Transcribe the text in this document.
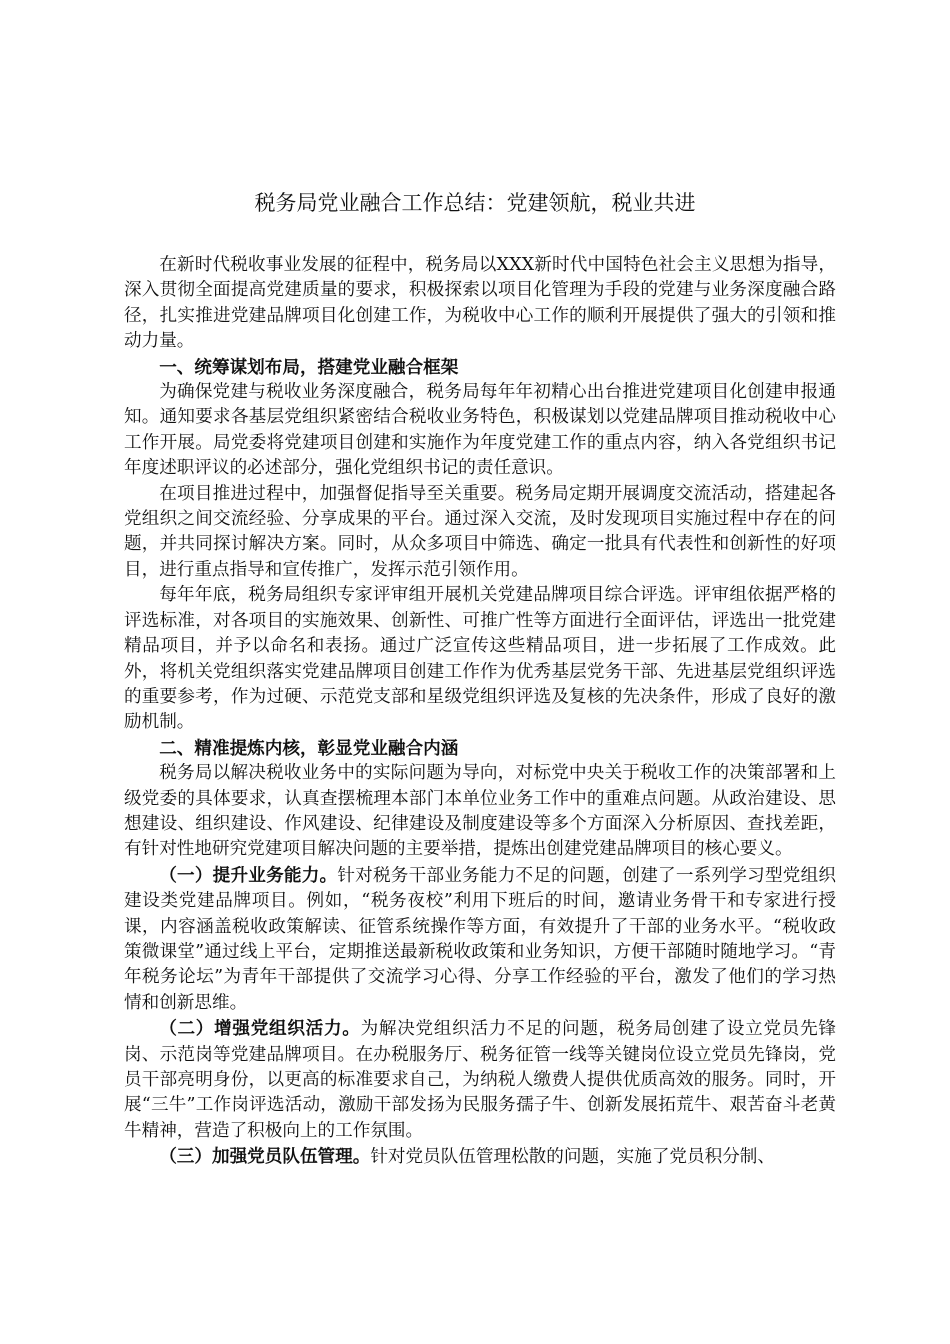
税务局党业融合工作总结：党建领航，税业共进

在新时代税收事业发展的征程中，税务局以XXX新时代中国特色社会主义思想为指导，深入贯彻全面提高党建质量的要求，积极探索以项目化管理为手段的党建与业务深度融合路径，扎实推进党建品牌项目化创建工作，为税收中心工作的顺利开展提供了强大的引领和推动力量。

一、统筹谋划布局，搭建党业融合框架

为确保党建与税收业务深度融合，税务局每年年初精心出台推进党建项目化创建申报通知。通知要求各基层党组织紧密结合税收业务特色，积极谋划以党建品牌项目推动税收中心工作开展。局党委将党建项目创建和实施作为年度党建工作的重点内容，纳入各党组织书记年度述职评议的必述部分，强化党组织书记的责任意识。

在项目推进过程中，加强督促指导至关重要。税务局定期开展调度交流活动，搭建起各党组织之间交流经验、分享成果的平台。通过深入交流，及时发现项目实施过程中存在的问题，并共同探讨解决方案。同时，从众多项目中筛选、确定一批具有代表性和创新性的好项目，进行重点指导和宣传推广，发挥示范引领作用。

每年年底，税务局组织专家评审组开展机关党建品牌项目综合评选。评审组依据严格的评选标准，对各项目的实施效果、创新性、可推广性等方面进行全面评估，评选出一批党建精品项目，并予以命名和表扬。通过广泛宣传这些精品项目，进一步拓展了工作成效。此外，将机关党组织落实党建品牌项目创建工作作为优秀基层党务干部、先进基层党组织评选的重要参考，作为过硬、示范党支部和星级党组织评选及复核的先决条件，形成了良好的激励机制。

二、精准提炼内核，彰显党业融合内涵

税务局以解决税收业务中的实际问题为导向，对标党中央关于税收工作的决策部署和上级党委的具体要求，认真查摆梳理本部门本单位业务工作中的重难点问题。从政治建设、思想建设、组织建设、作风建设、纪律建设及制度建设等多个方面深入分析原因、查找差距，有针对性地研究党建项目解决问题的主要举措，提炼出创建党建品牌项目的核心要义。

（一）提升业务能力。针对税务干部业务能力不足的问题，创建了一系列学习型党组织建设类党建品牌项目。例如，“税务夜校”利用下班后的时间，邀请业务骨干和专家进行授课，内容涵盖税收政策解读、征管系统操作等方面，有效提升了干部的业务水平。“税收政策微课堂”通过线上平台，定期推送最新税收政策和业务知识，方便干部随时随地学习。“青年税务论坛”为青年干部提供了交流学习心得、分享工作经验的平台，激发了他们的学习热情和创新思维。

（二）增强党组织活力。为解决党组织活力不足的问题，税务局创建了设立党员先锋岗、示范岗等党建品牌项目。在办税服务厅、税务征管一线等关键岗位设立党员先锋岗，党员干部亮明身份，以更高的标准要求自己，为纳税人缴费人提供优质高效的服务。同时，开展“三牛”工作岗评选活动，激励干部发扬为民服务孺子牛、创新发展拓荒牛、艰苦奋斗老黄牛精神，营造了积极向上的工作氛围。

（三）加强党员队伍管理。针对党员队伍管理松散的问题，实施了党员积分制、
